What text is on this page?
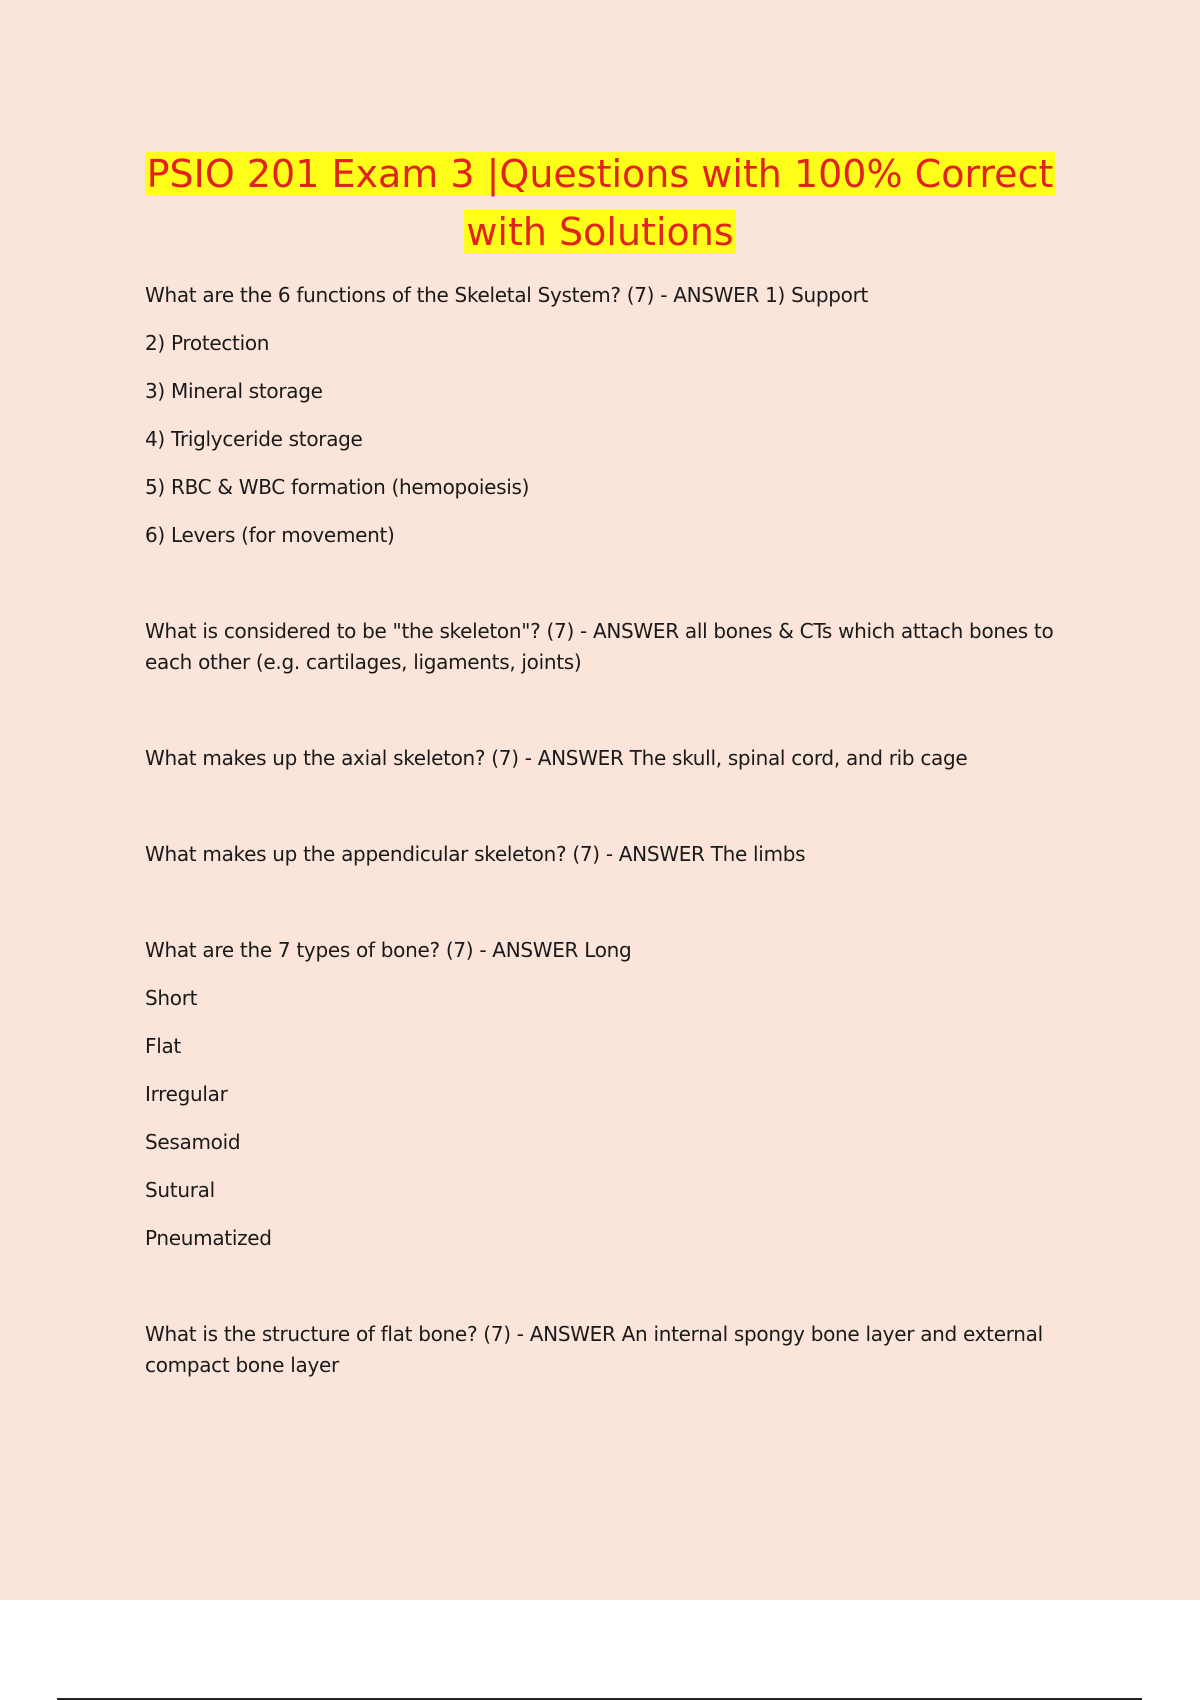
PSIO 201 Exam 3 |Questions with 100% Correct
with Solutions

What are the 6 functions of the Skeletal System? (7) - ANSWER 1) Support

2) Protection

3) Mineral storage

4) Triglyceride storage

5) RBC & WBC formation (hemopoiesis)

6) Levers (for movement)

What is considered to be "the skeleton"? (7) - ANSWER all bones & CTs which attach bones to each other (e.g. cartilages, ligaments, joints)

What makes up the axial skeleton? (7) - ANSWER The skull, spinal cord, and rib cage

What makes up the appendicular skeleton? (7) - ANSWER The limbs

What are the 7 types of bone? (7) - ANSWER Long

Short

Flat

Irregular

Sesamoid

Sutural

Pneumatized

What is the structure of flat bone? (7) - ANSWER An internal spongy bone layer and external compact bone layer
